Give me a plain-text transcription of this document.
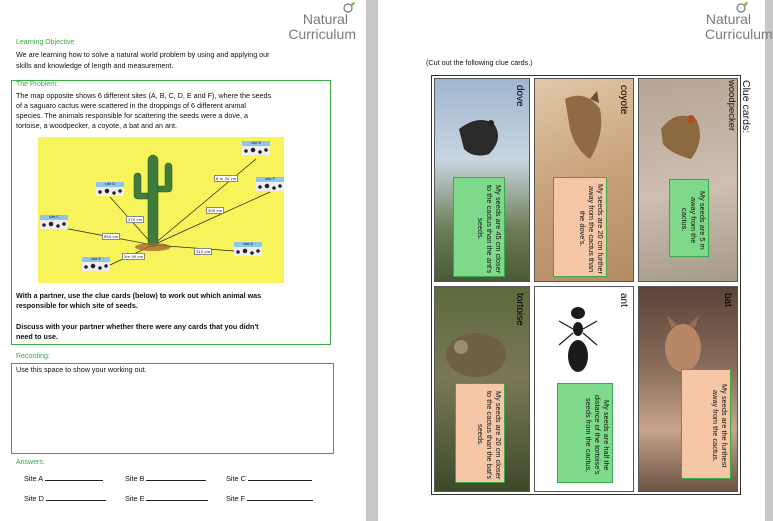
Natural
Curriculum
Learning Objective
We are learning how to solve a natural world problem by using and applying our
skills and knowledge of length and measurement.
The Problem:
The map opposite shows 6 different sites (A, B, C, D, E and F), where the seeds
of a saguaro cactus were scattered in the droppings of 6 different animal
species. The animals responsible for scattering the seeds were a dove, a
tortoise, a woodpecker, a coyote, a bat and an ant.
site D
site E
site F
site C
site B
site A
6 m 30 cm
270 cm
500 cm
650 cm
2m 90 cm
315 cm
With a partner, use the clue cards (below) to work out which animal was
responsible for which site of seeds.
Discuss with your partner whether there were any cards that you didn't
need to use.
Recording:
Use this space to show your working out.
Answers:
Site A	Site B	Site C
Site D	Site E	Site F
Natural
Curriculum
(Cut out the following clue cards.)
dove
My seeds are 45 cm closer to the cactus than the ant's seeds.
coyote
My seeds are 20 cm further away from the cactus than the dove's.	My seeds are 5 m away from the cactus.
tortoise
My seeds are 20 cm closer to the cactus than the bat's seeds.
ant
My seeds are half the distance of the tortoise's seeds from the cactus.
bat
My seeds are the furthest away from the cactus.
Clue cards:
woodpecker
